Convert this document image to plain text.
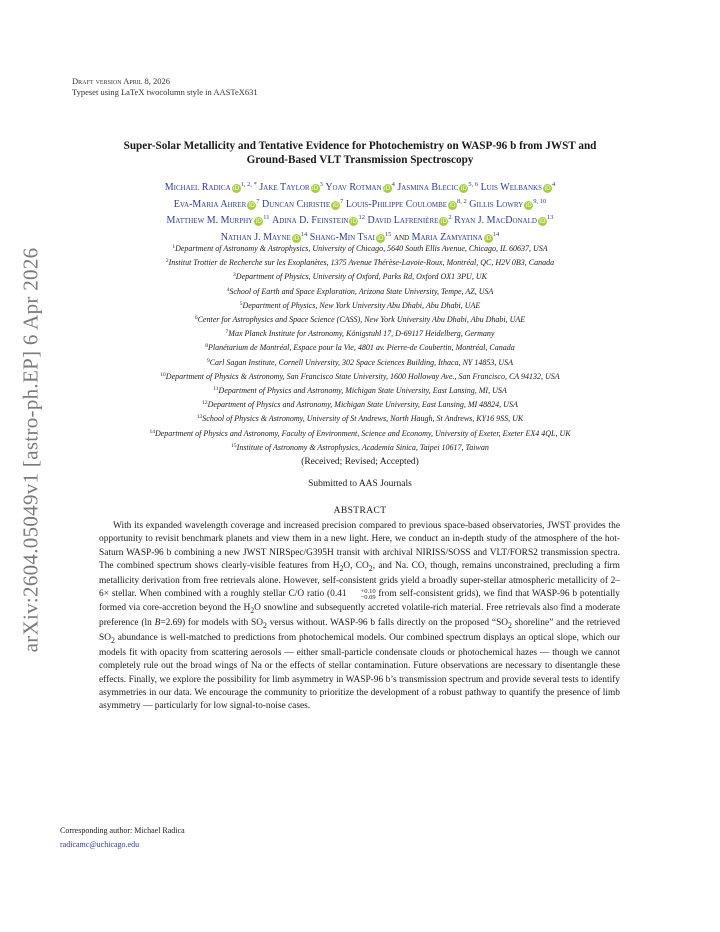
arXiv:2604.05049v1 [astro-ph.EP] 6 Apr 2026
Draft version April 8, 2026
Typeset using LaTeX twocolumn style in AASTeX631
Super-Solar Metallicity and Tentative Evidence for Photochemistry on WASP-96 b from JWST and
Ground-Based VLT Transmission Spectroscopy
Michael Radica iD$^{1, 2, *}$ Jake Taylor iD$^3$ Yoav Rotman iD$^4$ Jasmina Blecic iD$^{5, 6}$ Luis Welbanks iD$^4$
Eva-Maria Ahrer iD$^7$ Duncan Christie iD$^7$ Louis-Philippe Coulombe iD$^{8, 2}$ Gillis Lowry iD$^{9, 10}$
Matthew M. Murphy iD$^{11}$ Adina D. Feinstein iD$^{12}$ David Lafrenière iD$^2$ Ryan J. MacDonald iD$^{13}$
Nathan J. Mayne iD$^{14}$ Shang-Min Tsai iD$^{15}$ and Maria Zamyatina iD$^{14}$
$^1$Department of Astronomy & Astrophysics, University of Chicago, 5640 South Ellis Avenue, Chicago, IL 60637, USA
$^2$Institut Trottier de Recherche sur les Exoplanètes, 1375 Avenue Thérèse-Lavoie-Roux, Montréal, QC, H2V 0B3, Canada
$^3$Department of Physics, University of Oxford, Parks Rd, Oxford OX1 3PU, UK
$^4$School of Earth and Space Exploration, Arizona State University, Tempe, AZ, USA
$^5$Department of Physics, New York University Abu Dhabi, Abu Dhabi, UAE
$^6$Center for Astrophysics and Space Science (CASS), New York University Abu Dhabi, Abu Dhabi, UAE
$^7$Max Planck Institute for Astronomy, Königstuhl 17, D-69117 Heidelberg, Germany
$^8$Planétarium de Montréal, Espace pour la Vie, 4801 av. Pierre-de Coubertin, Montréal, Canada
$^9$Carl Sagan Institute, Cornell University, 302 Space Sciences Building, Ithaca, NY 14853, USA
$^{10}$Department of Physics & Astronomy, San Francisco State University, 1600 Holloway Ave., San Francisco, CA 94132, USA
$^{11}$Department of Physics and Astronomy, Michigan State University, East Lansing, MI, USA
$^{12}$Department of Physics and Astronomy, Michigan State University, East Lansing, MI 48824, USA
$^{13}$School of Physics & Astronomy, University of St Andrews, North Haugh, St Andrews, KY16 9SS, UK
$^{14}$Department of Physics and Astronomy, Faculty of Environment, Science and Economy, University of Exeter, Exeter EX4 4QL, UK
$^{15}$Institute of Astronomy & Astrophysics, Academia Sinica, Taipei 10617, Taiwan
(Received; Revised; Accepted)
Submitted to AAS Journals
ABSTRACT

With its expanded wavelength coverage and increased precision compared to previous space-based observatories, JWST provides the opportunity to revisit benchmark planets and view them in a new light. Here, we conduct an in-depth study of the atmosphere of the hot-Saturn WASP-96 b combining a new JWST NIRSpec/G395H transit with archival NIRISS/SOSS and VLT/FORS2 transmission spectra. The combined spectrum shows clearly-visible features from $H_2O$, $CO_2$, and Na. CO, though, remains unconstrained, precluding a firm metallicity derivation from free retrievals alone. However, self-consistent grids yield a broadly super-stellar atmospheric metallicity of 2–6× stellar. When combined with a roughly stellar C/O ratio (0.41	+0.10
−0.09 from self-consistent grids), we find that WASP-96 b potentially formed via core-accretion beyond the $H_2O$ snowline and subsequently accreted volatile-rich material. Free retrievals also find a moderate preference (ln B=2.69) for models with $SO_2$ versus without. WASP-96 b falls directly on the proposed “$SO_2$ shoreline” and the retrieved $SO_2$ abundance is well-matched to predictions from photochemical models. Our combined spectrum displays an optical slope, which our models fit with opacity from scattering aerosols — either small-particle condensate clouds or photochemical hazes — though we cannot completely rule out the broad wings of Na or the effects of stellar contamination. Future observations are necessary to disentangle these effects. Finally, we explore the possibility for limb asymmetry in WASP-96 b’s transmission spectrum and provide several tests to identify asymmetries in our data. We encourage the community to prioritize the development of a robust pathway to quantify the presence of limb asymmetry — particularly for low signal-to-noise cases.

Corresponding author: Michael Radica
radicamc@uchicago.edu
